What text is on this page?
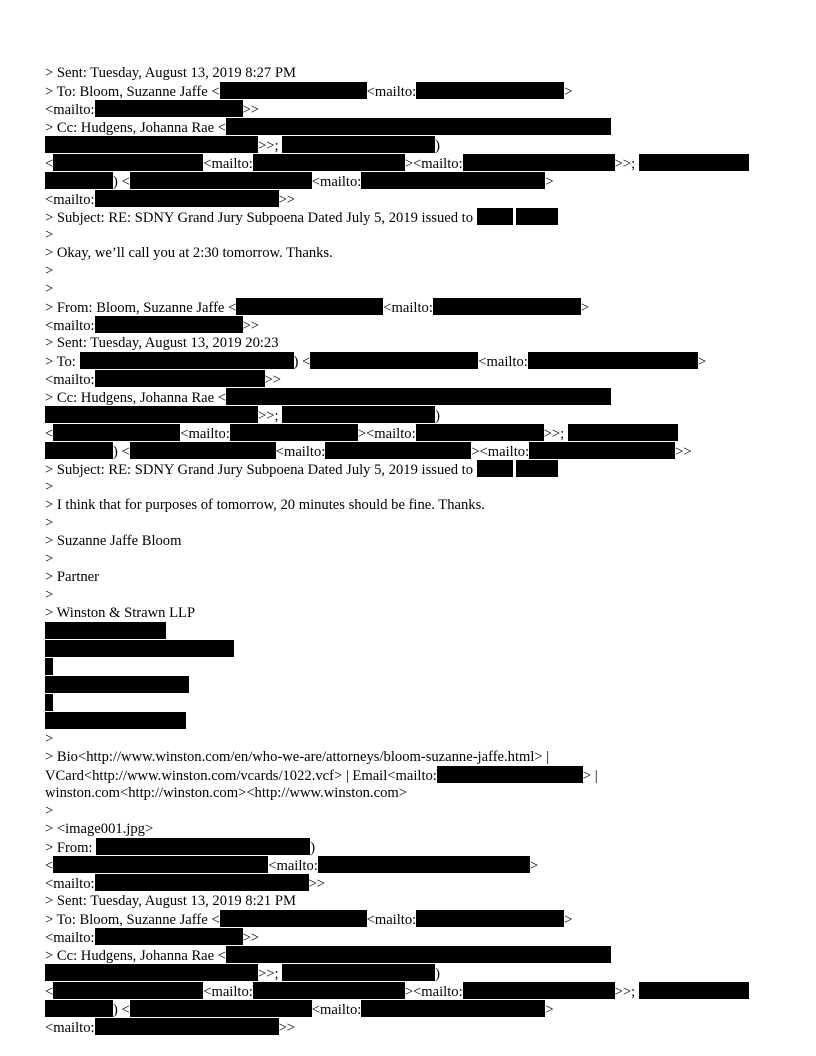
> Sent: Tuesday, August 13, 2019 8:27 PM
> To: Bloom, Suzanne Jaffe <	<mailto:	>
<mailto:	>>
> Cc: Hudgens, Johanna Rae <
>>;	)
<	<mailto:	><mailto:	>>;
) <	<mailto:	>
<mailto:	>>
> Subject: RE: SDNY Grand Jury Subpoena Dated July 5, 2019 issued to
>
> Okay, we’ll call you at 2:30 tomorrow. Thanks.
>
>
> From: Bloom, Suzanne Jaffe <	<mailto:	>
<mailto:	>>
> Sent: Tuesday, August 13, 2019 20:23
> To:	) <	<mailto:	>
<mailto:	>>
> Cc: Hudgens, Johanna Rae <
>>;	)
<	<mailto:	><mailto:	>>;
) <	<mailto:	><mailto:	>>
> Subject: RE: SDNY Grand Jury Subpoena Dated July 5, 2019 issued to
>
> I think that for purposes of tomorrow, 20 minutes should be fine. Thanks.
>
> Suzanne Jaffe Bloom
>
> Partner
>
> Winston & Strawn LLP
>
> Bio<http://www.winston.com/en/who-we-are/attorneys/bloom-suzanne-jaffe.html> |
VCard<http://www.winston.com/vcards/1022.vcf> | Email<mailto:	> |
winston.com<http://winston.com><http://www.winston.com>
>
> <image001.jpg>
> From:	)
<	<mailto:	>
<mailto:	>>
> Sent: Tuesday, August 13, 2019 8:21 PM
> To: Bloom, Suzanne Jaffe <	<mailto:	>
<mailto:	>>
> Cc: Hudgens, Johanna Rae <
>>;	)
<	<mailto:	><mailto:	>>;
) <	<mailto:	>
<mailto:	>>
